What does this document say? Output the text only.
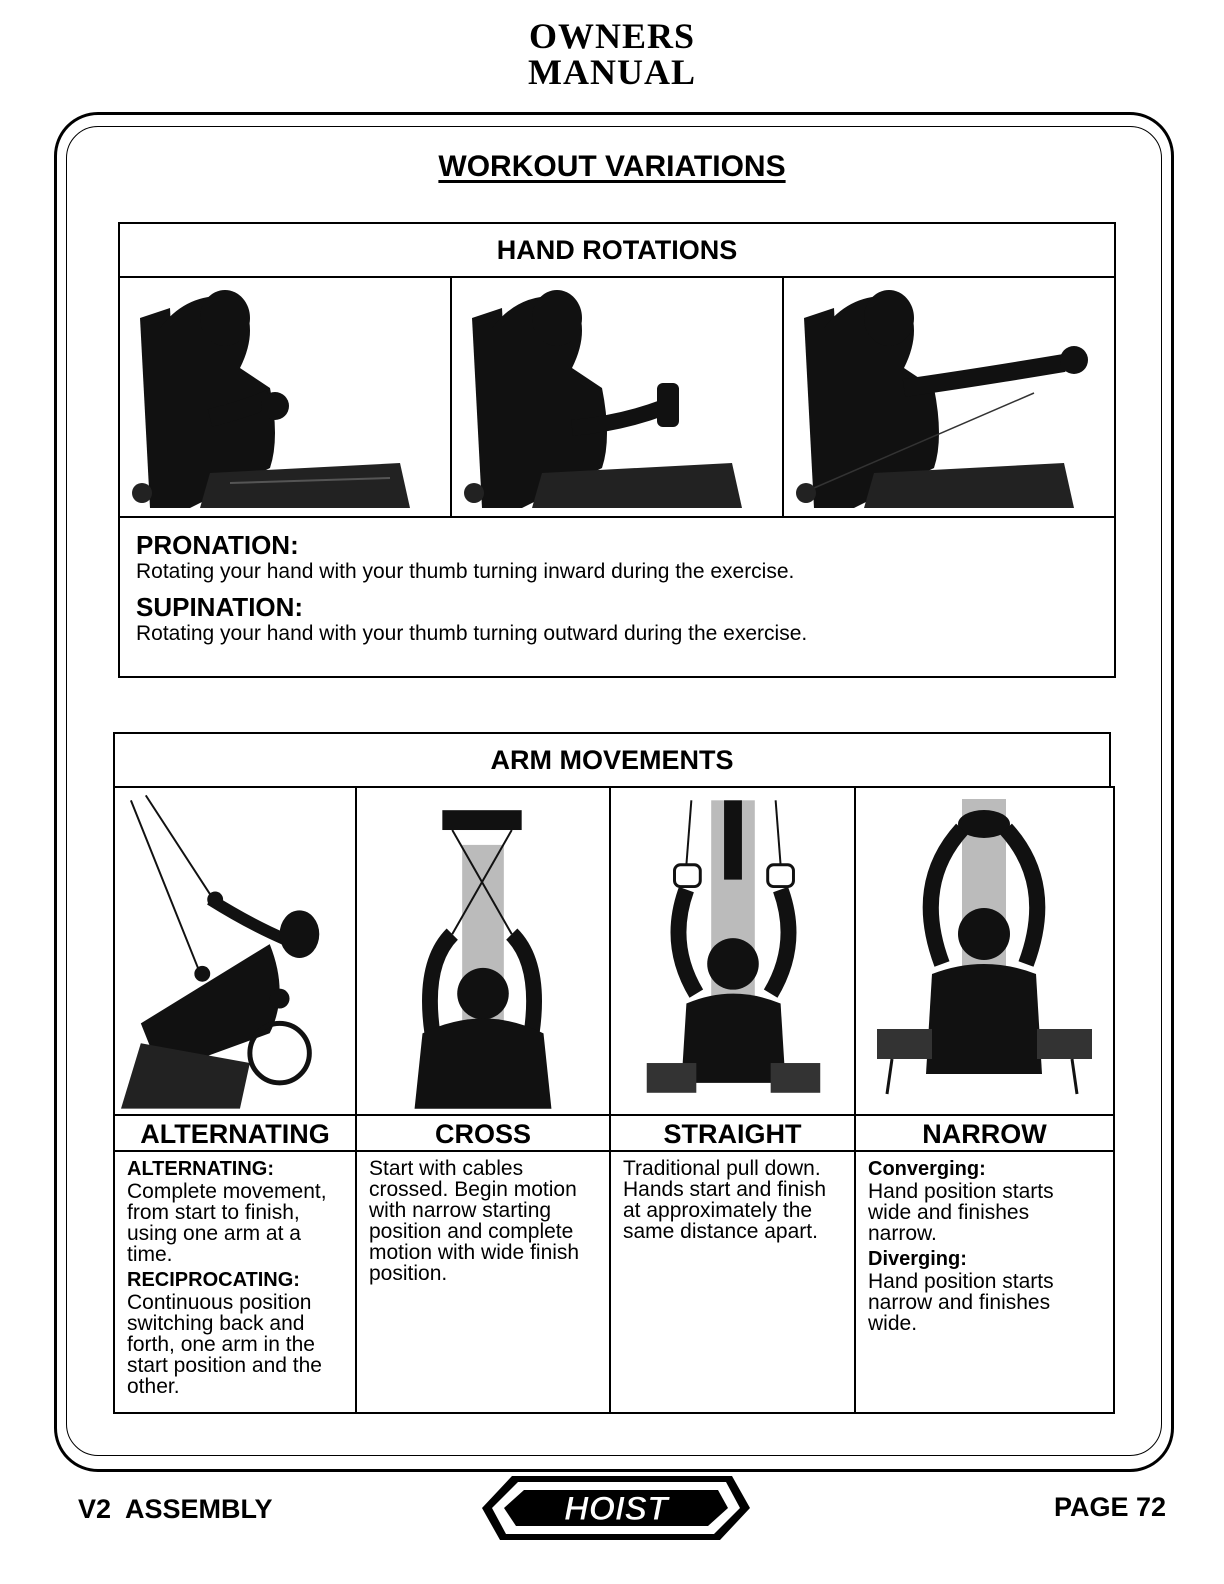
OWNERS
MANUAL
WORKOUT VARIATIONS
HAND ROTATIONS
PRONATION:
Rotating your hand with your thumb turning inward during the exercise.
SUPINATION:
Rotating your hand with your thumb turning outward during the exercise.
ARM MOVEMENTS
ALTERNATING
ALTERNATING:

Complete movement, from start to finish, using one arm at a time.

RECIPROCATING:

Continuous position switching back and forth, one arm in the start position and the other.

CROSS

Start with cables crossed. Begin motion with narrow starting position and complete motion with wide finish position.

STRAIGHT

Traditional pull down. Hands start and finish at approximately the same distance apart.

NARROW
Converging:

Hand position starts wide and finishes narrow.

Diverging:

Hand position starts narrow and finishes wide.

V2  ASSEMBLY	HOIST	PAGE 72
